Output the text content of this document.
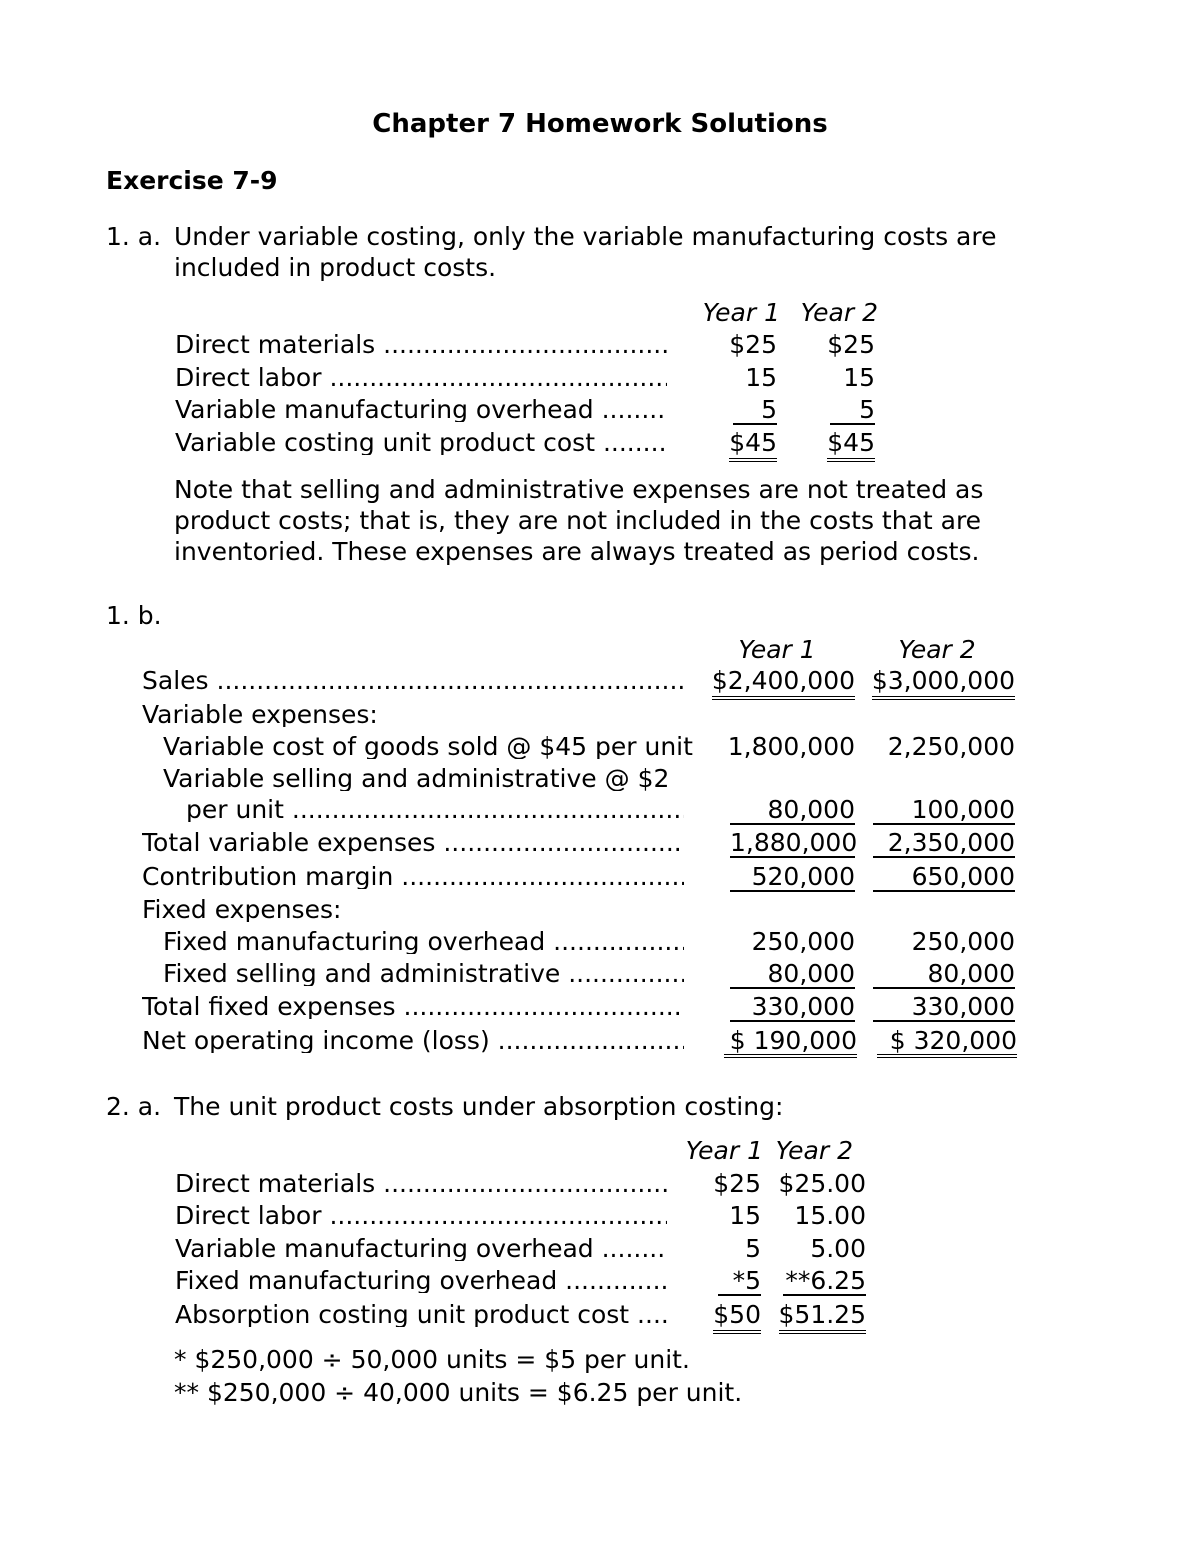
Chapter 7 Homework Solutions
Exercise 7-9
1. a. Under variable costing, only the variable manufacturing costs are
included in product costs.
Year 1 Year 2
Direct materials .....	$25	$25
Direct labor .....	15	15
Variable manufacturing overhead .....	5	5
Variable costing unit product cost .....	$45	$45
Note that selling and administrative expenses are not treated as
product costs; that is, they are not included in the costs that are
inventoried. These expenses are always treated as period costs.
1. b.
Year 1	Year 2
Sales .....	$2,400,000 $3,000,000
Variable expenses:
Variable cost of goods sold @ $45 per unit	1,800,000	2,250,000
Variable selling and administrative @ $2
per unit .....	80,000	100,000
Total variable expenses .....	1,880,000	2,350,000
Contribution margin .....	520,000	650,000
Fixed expenses:
Fixed manufacturing overhead .....	250,000	250,000
Fixed selling and administrative .....	80,000	80,000
Total fixed expenses .....	330,000	330,000
Net operating income (loss) .....	$ 190,000	$ 320,000
2. a. The unit product costs under absorption costing:
Year 1 Year 2
Direct materials .....	$25 $25.00
Direct labor .....	15	15.00
Variable manufacturing overhead .....	5	5.00
Fixed manufacturing overhead .....	*5 **6.25
Absorption costing unit product cost .....	$50 $51.25
* $250,000 ÷ 50,000 units = $5 per unit.
** $250,000 ÷ 40,000 units = $6.25 per unit.
